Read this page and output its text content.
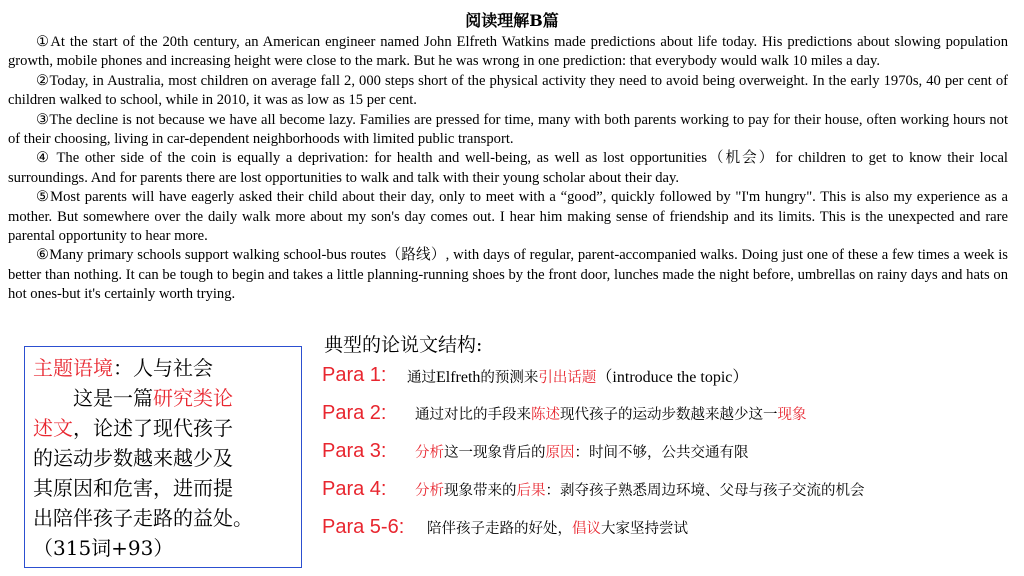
阅读理解B篇

①At the start of the 20th century, an American engineer named John Elfreth Watkins made predictions about life today. His predictions about slowing population growth, mobile phones and increasing height were close to the mark. But he was wrong in one prediction: that everybody would walk 10 miles a day.

②Today, in Australia, most children on average fall 2, 000 steps short of the physical activity they need to avoid being overweight. In the early 1970s, 40 per cent of children walked to school, while in 2010, it was as low as 15 per cent.

③The decline is not because we have all become lazy. Families are pressed for time, many with both parents working to pay for their house, often working hours not of their choosing, living in car-dependent neighborhoods with limited public transport.

④ The other side of the coin is equally a deprivation: for health and well-being, as well as lost opportunities（机会）for children to get to know their local surroundings. And for parents there are lost opportunities to walk and talk with their young scholar about their day.

⑤Most parents will have eagerly asked their child about their day, only to meet with a “good”, quickly followed by "I'm hungry". This is also my experience as a mother. But somewhere over the daily walk more about my son's day comes out. I hear him making sense of friendship and its limits. This is the unexpected and rare parental opportunity to hear more.

⑥Many primary schools support walking school-bus routes（路线）, with days of regular, parent-accompanied walks. Doing just one of these a few times a week is better than nothing. It can be tough to begin and takes a little planning-running shoes by the front door, lunches made the night before, umbrellas on rainy days and hats on hot ones-but it's certainly worth trying.

典型的论说文结构:
主题语境：人与社会
这是一篇研究类论
述文，论述了现代孩子
的运动步数越来越少及
其原因和危害，进而提
出陪伴孩子走路的益处。
（315词+93）
Para 1:	通过Elfreth的预测来引出话题（introduce the topic）
Para 2:	通过对比的手段来陈述现代孩子的运动步数越来越少这一现象
Para 3:	分析这一现象背后的原因：时间不够，公共交通有限
Para 4:	分析现象带来的后果：剥夺孩子熟悉周边环境、父母与孩子交流的机会
Para 5-6:	陪伴孩子走路的好处，倡议大家坚持尝试
